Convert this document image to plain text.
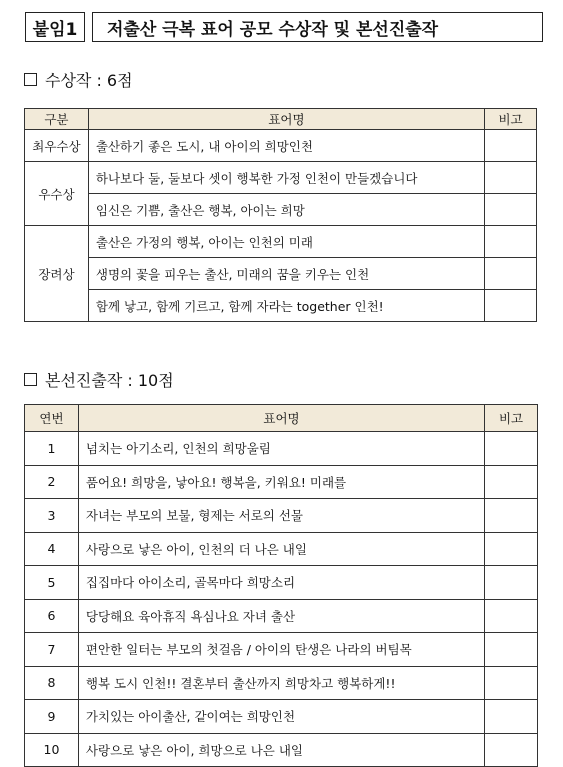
붙임1	저출산 극복 표어 공모 수상작 및 본선진출작
수상작 : 6점
구분	표어명	비고
최우수상	출산하기 좋은 도시, 내 아이의 희망인천	
우수상	하나보다 둘, 둘보다 셋이 행복한 가정 인천이 만들겠습니다	
	임신은 기쁨, 출산은 행복, 아이는 희망	
장려상	출산은 가정의 행복, 아이는 인천의 미래	
	생명의 꽃을 피우는 출산, 미래의 꿈을 키우는 인천	
	함께 낳고, 함께 기르고, 함께 자라는 together 인천!	
본선진출작 : 10점
연번	표어명	비고
1	넘치는 아기소리, 인천의 희망울림	
2	품어요! 희망을, 낳아요! 행복을, 키워요! 미래를	
3	자녀는 부모의 보물, 형제는 서로의 선물	
4	사랑으로 낳은 아이, 인천의 더 나은 내일	
5	집집마다 아이소리, 골목마다 희망소리	
6	당당해요 육아휴직 욕심나요 자녀 출산	
7	편안한 일터는 부모의 첫걸음 / 아이의 탄생은 나라의 버팀목	
8	행복 도시 인천!! 결혼부터 출산까지 희망차고 행복하게!!	
9	가치있는 아이출산, 같이여는 희망인천	
10	사랑으로 낳은 아이, 희망으로 나은 내일	
